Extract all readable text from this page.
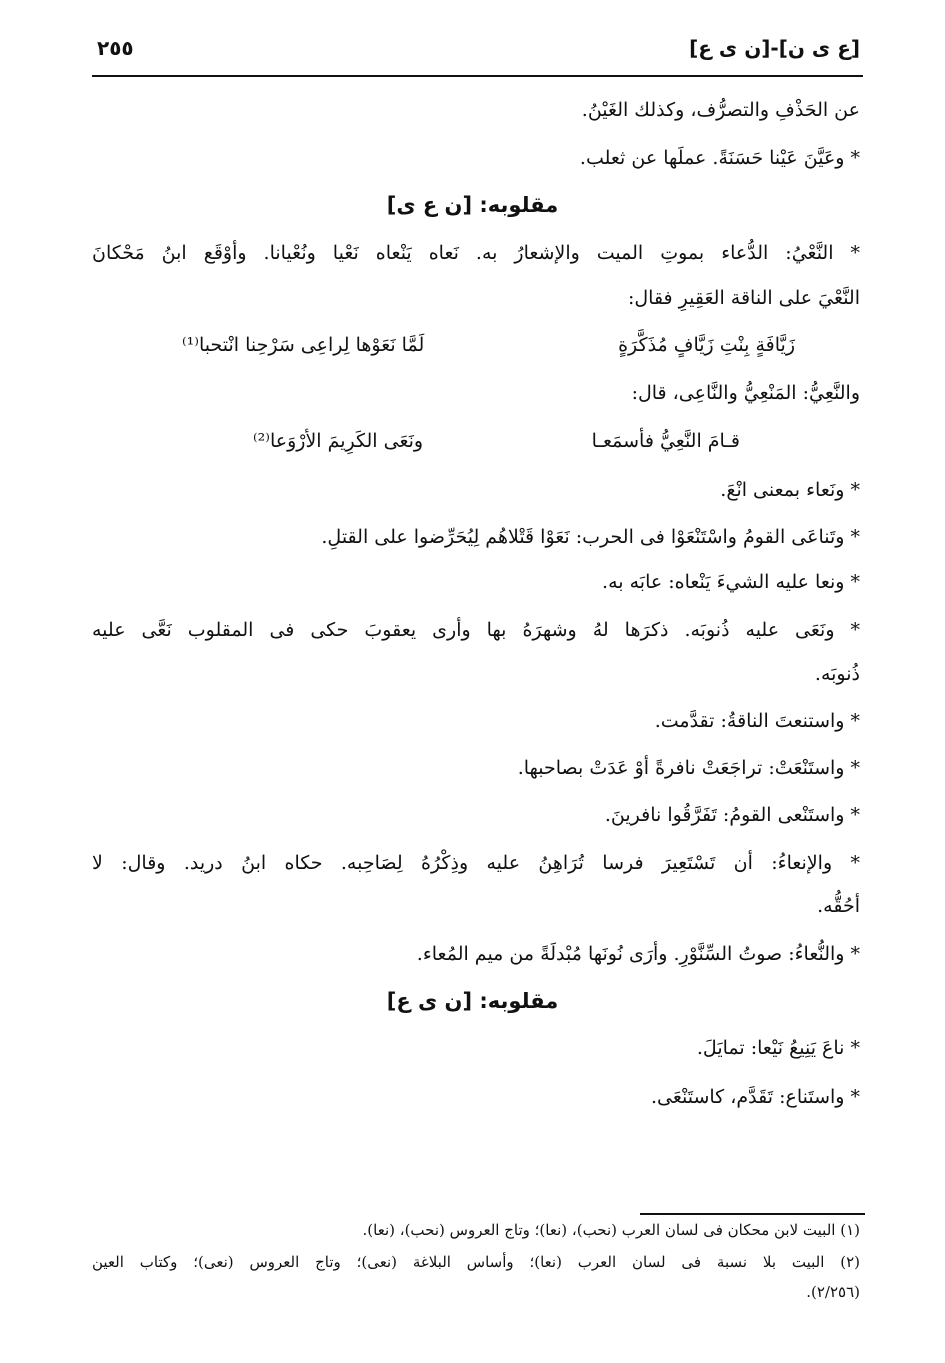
[ع ى ن]-[ن ى ع]
٢٥٥
عن الحَذْفِ والتصرُّف، وكذلك الغَيْنُ.
* وعَيَّنَ عَيْنا حَسَنَةً. عملَها عن ثعلب.
مقلوبه: [ن ع ى]
* النَّعْيُ: الدُّعاء بموتِ الميت والإشعارُ به. نَعاه يَنْعاه نَعْيا ونُعْيانا. وأوْقَع ابنُ مَحْكانَ
النَّعْيَ على الناقة العَقِيرِ فقال:
زَيَّافَةٍ بِنْتِ زَيَّافٍ مُذَكَّرَةٍ
لَمَّا نَعَوْها لِراعِى سَرْحِنا انْتحبا⁽¹⁾
والنَّعِيُّ: المَنْعِيُّ والنَّاعِى، قال:
قـامَ النَّعِيُّ فأسمَعـا
ونَعَى الكَرِيمَ الأرْوَعا⁽²⁾
* ونَعاء بمعنى انْعَ.
* وتَناعَى القومُ واسْتَنْعَوْا فى الحرب: نَعَوْا قَتْلاهُم لِيُحَرِّضوا على القتلِ.
* ونعا عليه الشيءَ يَنْعاه: عابَه به.
* ونَعَى عليه ذُنوبَه. ذكرَها لهُ وشهرَهُ بها وأرى يعقوبَ حكى فى المقلوب نَعَّى عليه
ذُنوبَه.
* واستنعتَ الناقةُ: تقدَّمت.
* واستَنْعَتْ: تراجَعَتْ نافرةً أوْ عَدَتْ بصاحبها.
* واستَنْعى القومُ: تَفَرَّقُوا نافرينَ.
* والإنعاءُ: أن تَسْتَعِيرَ فرسا تُرَاهِنُ عليه وذِكْرُهُ لِصَاحِبه. حكاه ابنُ دريد. وقال: لا
أحُقُّه.
* والنُّعاءُ: صوتُ السِّنَّوْرِ. وأرَى نُونَها مُبْدلَةً من ميم المُعاء.
مقلوبه: [ن ى ع]
* ناعَ يَنِيعُ نَيْعا: تمايَلَ.
* واستَناع: تَقَدَّم، كاستَنْعَى.
(١) البيت لابن محكان فى لسان العرب (نحب)، (نعا)؛ وتاج العروس (نحب)، (نعا).
(٢) البيت بلا نسبة فى لسان العرب (نعا)؛ وأساس البلاغة (نعى)؛ وتاج العروس (نعى)؛ وكتاب العين
(٢/٢٥٦).
